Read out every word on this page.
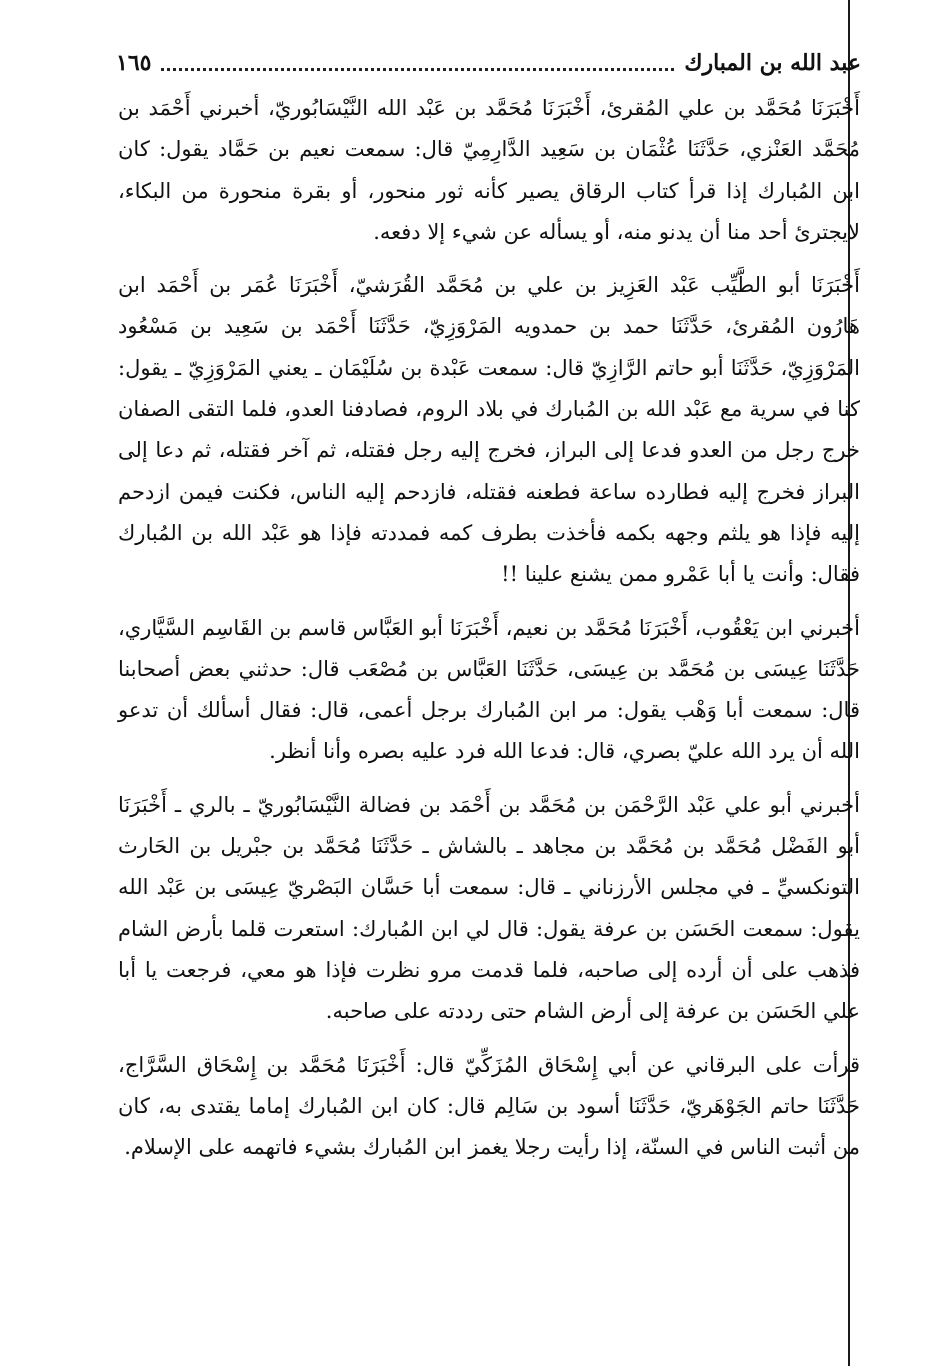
عبد الله بن المبارك
١٦٥

أَخْبَرَنَا مُحَمَّد بن علي المُقرئ، أَخْبَرَنَا مُحَمَّد بن عَبْد الله النَّيْسَابُوريّ، أخبرني أَحْمَد بن مُحَمَّد العَنْزي، حَدَّثَنَا عُثْمَان بن سَعِيد الدَّارِمِيّ قال: سمعت نعيم بن حَمَّاد يقول: كان ابن المُبارك إذا قرأ كتاب الرقاق يصير كأنه ثور منحور، أو بقرة منحورة من البكاء، لايجترئ أحد منا أن يدنو منه، أو يسأله عن شيء إلا دفعه.

أَخْبَرَنَا أبو الطَّيِّب عَبْد العَزِيز بن علي بن مُحَمَّد القُرَشيّ، أَخْبَرَنَا عُمَر بن أَحْمَد ابن هَارُون المُقرئ، حَدَّثَنَا حمد بن حمدويه المَرْوَزِيّ، حَدَّثَنَا أَحْمَد بن سَعِيد بن مَسْعُود المَرْوَزِيّ، حَدَّثَنَا أبو حاتم الرَّازِيّ قال: سمعت عَبْدة بن سُلَيْمَان ـ يعني المَرْوَزِيّ ـ يقول: كنا في سرية مع عَبْد الله بن المُبارك في بلاد الروم، فصادفنا العدو، فلما التقى الصفان خرج رجل من العدو فدعا إلى البراز، فخرج إليه رجل فقتله، ثم آخر فقتله، ثم دعا إلى البراز فخرج إليه فطارده ساعة فطعنه فقتله، فازدحم إليه الناس، فكنت فيمن ازدحم إليه فإذا هو يلثم وجهه بكمه فأخذت بطرف كمه فمددته فإذا هو عَبْد الله بن المُبارك فقال: وأنت يا أبا عَمْرو ممن يشنع علينا !!

أخبرني ابن يَعْقُوب، أَخْبَرَنَا مُحَمَّد بن نعيم، أَخْبَرَنَا أبو العَبَّاس قاسم بن القَاسِم السَّيَّاري، حَدَّثَنَا عِيسَى بن مُحَمَّد بن عِيسَى، حَدَّثَنَا العَبَّاس بن مُصْعَب قال: حدثني بعض أصحابنا قال: سمعت أبا وَهْب يقول: مر ابن المُبارك برجل أعمى، قال: فقال أسألك أن تدعو الله أن يرد الله عليّ بصري، قال: فدعا الله فرد عليه بصره وأنا أنظر.

أخبرني أبو علي عَبْد الرَّحْمَن بن مُحَمَّد بن أَحْمَد بن فضالة النَّيْسَابُوريّ ـ بالري ـ أَخْبَرَنَا أبو الفَضْل مُحَمَّد بن مُحَمَّد بن مجاهد ـ بالشاش ـ حَدَّثَنَا مُحَمَّد بن جبْريل بن الحَارث التونكسيِّ ـ في مجلس الأرزناني ـ قال: سمعت أبا حَسَّان البَصْريّ عِيسَى بن عَبْد الله يقول: سمعت الحَسَن بن عرفة يقول: قال لي ابن المُبارك: استعرت قلما بأرض الشام فذهب على أن أرده إلى صاحبه، فلما قدمت مرو نظرت فإذا هو معي، فرجعت يا أبا علي الحَسَن بن عرفة إلى أرض الشام حتى رددته على صاحبه.

قرأت على البرقاني عن أبي إِسْحَاق المُزَكِّيّ قال: أَخْبَرَنَا مُحَمَّد بن إِسْحَاق السَّرَّاج، حَدَّثَنَا حاتم الجَوْهَريّ، حَدَّثَنَا أسود بن سَالِم قال: كان ابن المُبارك إماما يقتدى به، كان من أثبت الناس في السنّة، إذا رأيت رجلا يغمز ابن المُبارك بشيء فاتهمه على الإسلام.
